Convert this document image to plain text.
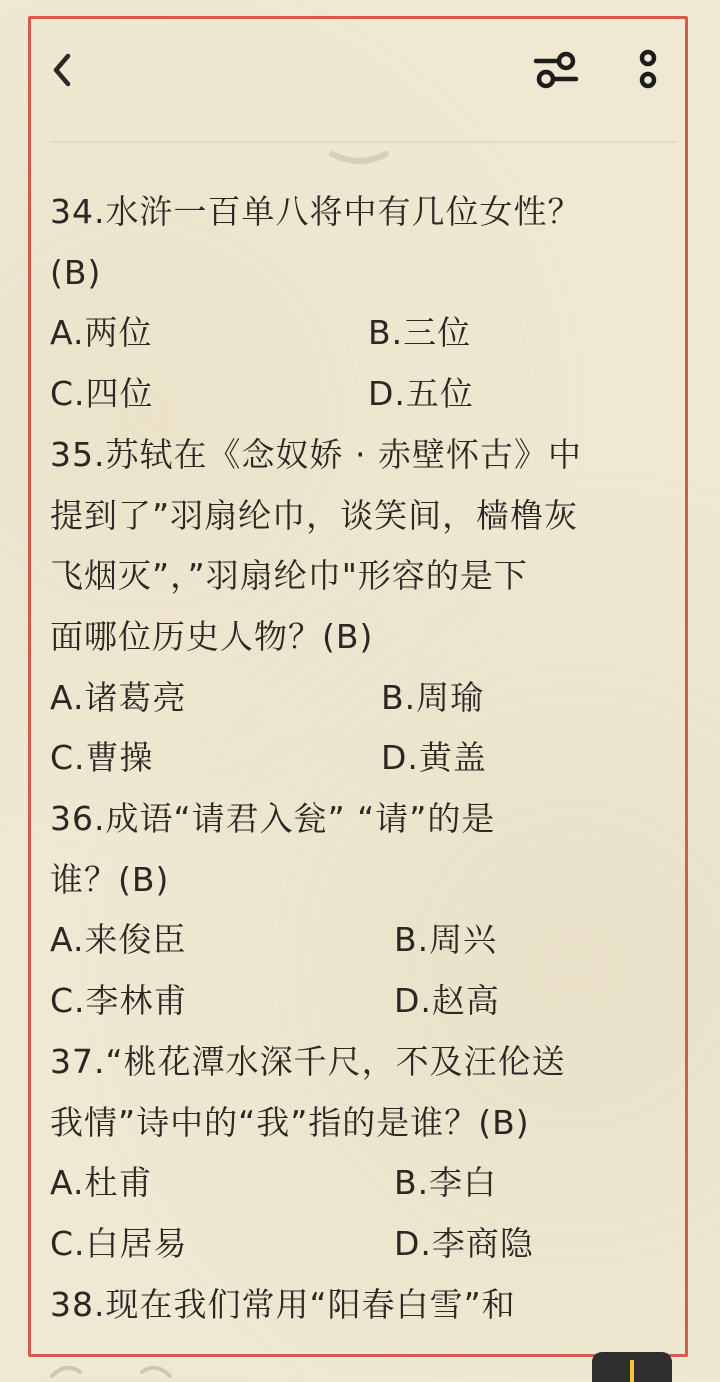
34.水浒一百单八将中有几位女性？
(B)
A.两位	B.三位
C.四位	D.五位
35.苏轼在《念奴娇 · 赤壁怀古》中
提到了”羽扇纶巾，谈笑间，樯橹灰
飞烟灭”，”羽扇纶巾"形容的是下
面哪位历史人物？(B)
A.诸葛亮	B.周瑜
C.曹操	D.黄盖
36.成语“请君入瓮” “请”的是
谁？(B)
A.来俊臣	B.周兴
C.李林甫	D.赵高
37.“桃花潭水深千尺，不及汪伦送
我情”诗中的“我”指的是谁？(B)
A.杜甫	B.李白
C.白居易	D.李商隐
38.现在我们常用“阳春白雪”和
